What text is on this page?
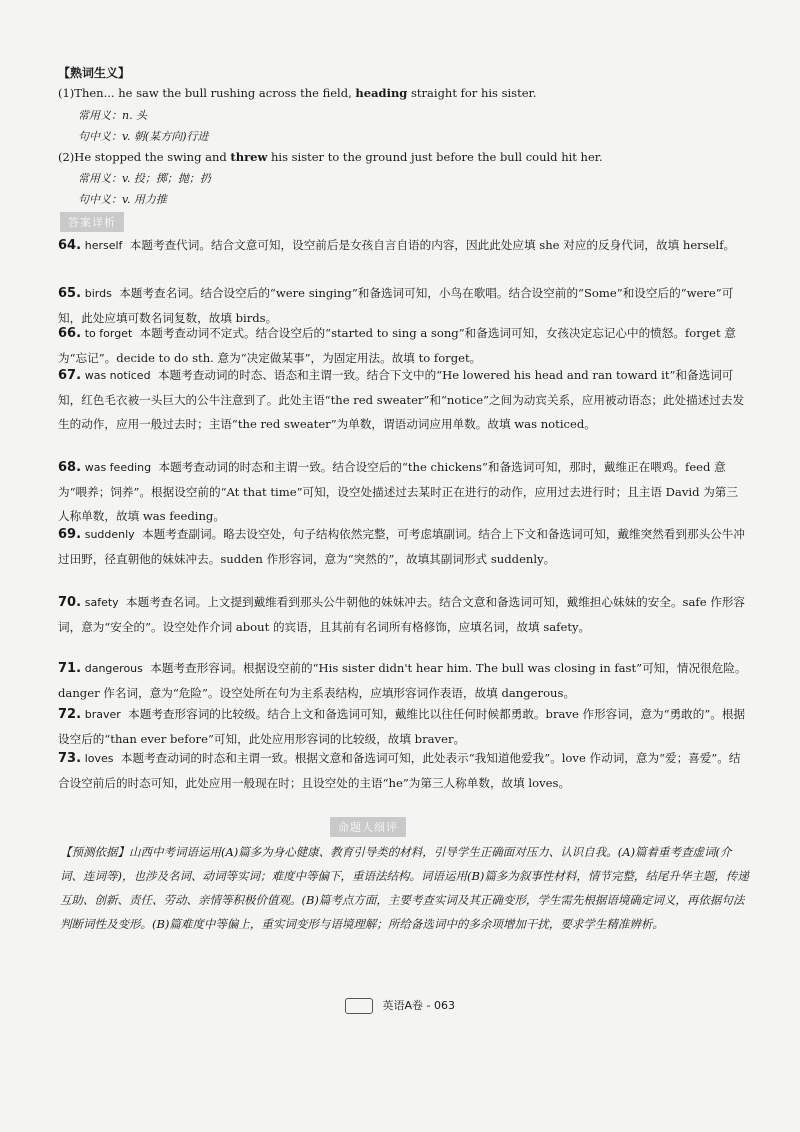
【熟词生义】
(1)Then... he saw the bull rushing across the field, heading straight for his sister.
常用义：n. 头
句中义：v. 朝(某方向)行进
(2)He stopped the swing and threw his sister to the ground just before the bull could hit her.
常用义：v. 投；掷；抛；扔
句中义：v. 用力推
答案详析
64. herself 本题考查代词。结合文意可知，设空前后是女孩自言自语的内容，因此此处应填 she 对应的反身代词，故填 herself。
65. birds 本题考查名词。结合设空后的“were singing”和备选词可知，小鸟在歌唱。结合设空前的“Some”和设空后的“were”可知，此处应填可数名词复数，故填 birds。
66. to forget 本题考查动词不定式。结合设空后的“started to sing a song”和备选词可知，女孩决定忘记心中的愤怒。forget 意为“忘记”。decide to do sth. 意为“决定做某事”，为固定用法。故填 to forget。
67. was noticed 本题考查动词的时态、语态和主谓一致。结合下文中的“He lowered his head and ran toward it”和备选词可知，红色毛衣被一头巨大的公牛注意到了。此处主语“the red sweater”和“notice”之间为动宾关系，应用被动语态；此处描述过去发生的动作，应用一般过去时；主语“the red sweater”为单数，谓语动词应用单数。故填 was noticed。
68. was feeding 本题考查动词的时态和主谓一致。结合设空后的“the chickens”和备选词可知，那时，戴维正在喂鸡。feed 意为“喂养；饲养”。根据设空前的“At that time”可知，设空处描述过去某时正在进行的动作，应用过去进行时；且主语 David 为第三人称单数，故填 was feeding。
69. suddenly 本题考查副词。略去设空处，句子结构依然完整，可考虑填副词。结合上下文和备选词可知，戴维突然看到那头公牛冲过田野，径直朝他的妹妹冲去。sudden 作形容词，意为“突然的”，故填其副词形式 suddenly。
70. safety 本题考查名词。上文提到戴维看到那头公牛朝他的妹妹冲去。结合文意和备选词可知，戴维担心妹妹的安全。safe 作形容词，意为“安全的”。设空处作介词 about 的宾语，且其前有名词所有格修饰，应填名词，故填 safety。
71. dangerous 本题考查形容词。根据设空前的“His sister didn't hear him. The bull was closing in fast”可知，情况很危险。danger 作名词，意为“危险”。设空处所在句为主系表结构，应填形容词作表语，故填 dangerous。
72. braver 本题考查形容词的比较级。结合上文和备选词可知，戴维比以往任何时候都勇敢。brave 作形容词，意为“勇敢的”。根据设空后的“than ever before”可知，此处应用形容词的比较级，故填 braver。
73. loves 本题考查动词的时态和主谓一致。根据文意和备选词可知，此处表示“我知道他爱我”。love 作动词，意为“爱；喜爱”。结合设空前后的时态可知，此处应用一般现在时；且设空处的主语“he”为第三人称单数，故填 loves。
命题人细评
【预测依据】山西中考词语运用(A)篇多为身心健康、教育引导类的材料，引导学生正确面对压力、认识自我。(A)篇着重考查虚词(介词、连词等)，也涉及名词、动词等实词；难度中等偏下，重语法结构。词语运用(B)篇多为叙事性材料，情节完整，结尾升华主题，传递互助、创新、责任、劳动、亲情等积极价值观。(B)篇考点方面，主要考查实词及其正确变形，学生需先根据语境确定词义，再依据句法判断词性及变形。(B)篇难度中等偏上，重实词变形与语境理解；所给备选词中的多余项增加干扰，要求学生精准辨析。
英语A卷 - 063
